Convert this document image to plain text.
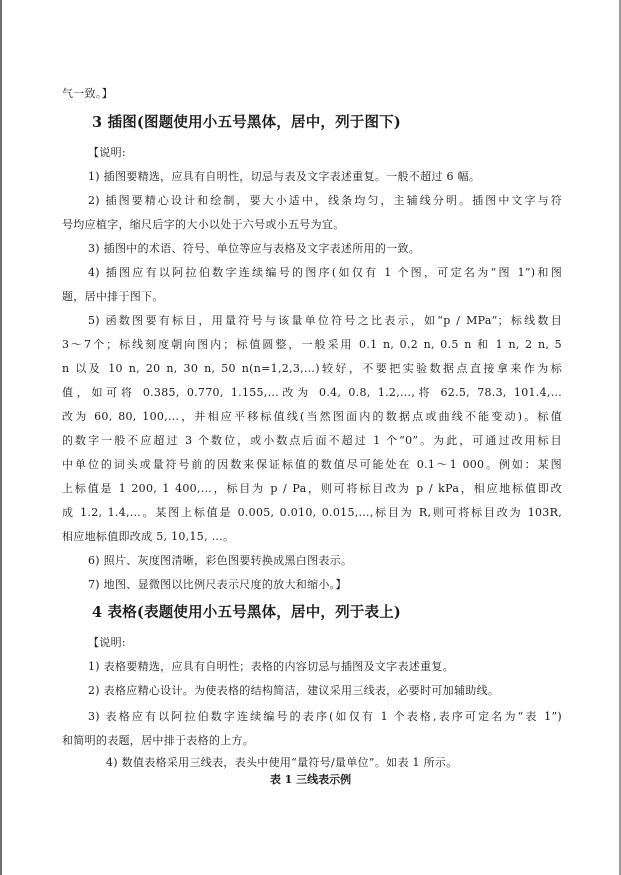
气一致。】
3 插图(图题使用小五号黑体，居中，列于图下)
【说明:
1) 插图要精选，应具有自明性，切忌与表及文字表述重复。一般不超过 6 幅。
2) 插图要精心设计和绘制，要大小适中，线条均匀，主辅线分明。插图中文字与符
号均应植字，缩尺后字的大小以处于六号或小五号为宜。
3) 插图中的术语、符号、单位等应与表格及文字表述所用的一致。
4) 插图应有以阿拉伯数字连续编号的图序(如仅有 1 个图，可定名为“图 1”)和图
题，居中排于图下。
5) 函数图要有标目，用量符号与该量单位符号之比表示，如“p / MPa”；标线数目
3～7个；标线刻度朝向图内；标值圆整，一般采用 0.1 n, 0.2 n, 0.5 n 和 1 n, 2 n, 5
n 以及 10 n, 20 n, 30 n, 50 n(n=1,2,3,…)较好，不要把实验数据点直接拿来作为标
值，如可将 0.385, 0.770, 1.155,…改为 0.4, 0.8, 1.2,…,将 62.5, 78.3, 101.4,…
改为 60, 80, 100,…，并相应平移标值线(当然图面内的数据点或曲线不能变动)。标值
的数字一般不应超过 3 个数位，或小数点后面不超过 1 个“0”。为此，可通过改用标目
中单位的词头或量符号前的因数来保证标值的数值尽可能处在 0.1～1 000。例如：某图
上标值是 1 200, 1 400,…，标目为 p / Pa，则可将标目改为 p / kPa，相应地标值即改
成 1.2, 1.4,…。某图上标值是 0.005, 0.010, 0.015,…,标目为 R,则可将标目改为 103R,
相应地标值即改成 5, 10,15, …。
6) 照片、灰度图清晰，彩色图要转换成黑白图表示。
7) 地图、显微图以比例尺表示尺度的放大和缩小。】
4 表格(表题使用小五号黑体，居中，列于表上)
【说明:
1) 表格要精选，应具有自明性；表格的内容切忌与插图及文字表述重复。
2) 表格应精心设计。为使表格的结构简洁，建议采用三线表，必要时可加辅助线。
3) 表格应有以阿拉伯数字连续编号的表序(如仅有 1 个表格,表序可定名为“表 1”)
和简明的表题，居中排于表格的上方。
4) 数值表格采用三线表，表头中使用“量符号/量单位”。如表 1 所示。
表 1 三线表示例
